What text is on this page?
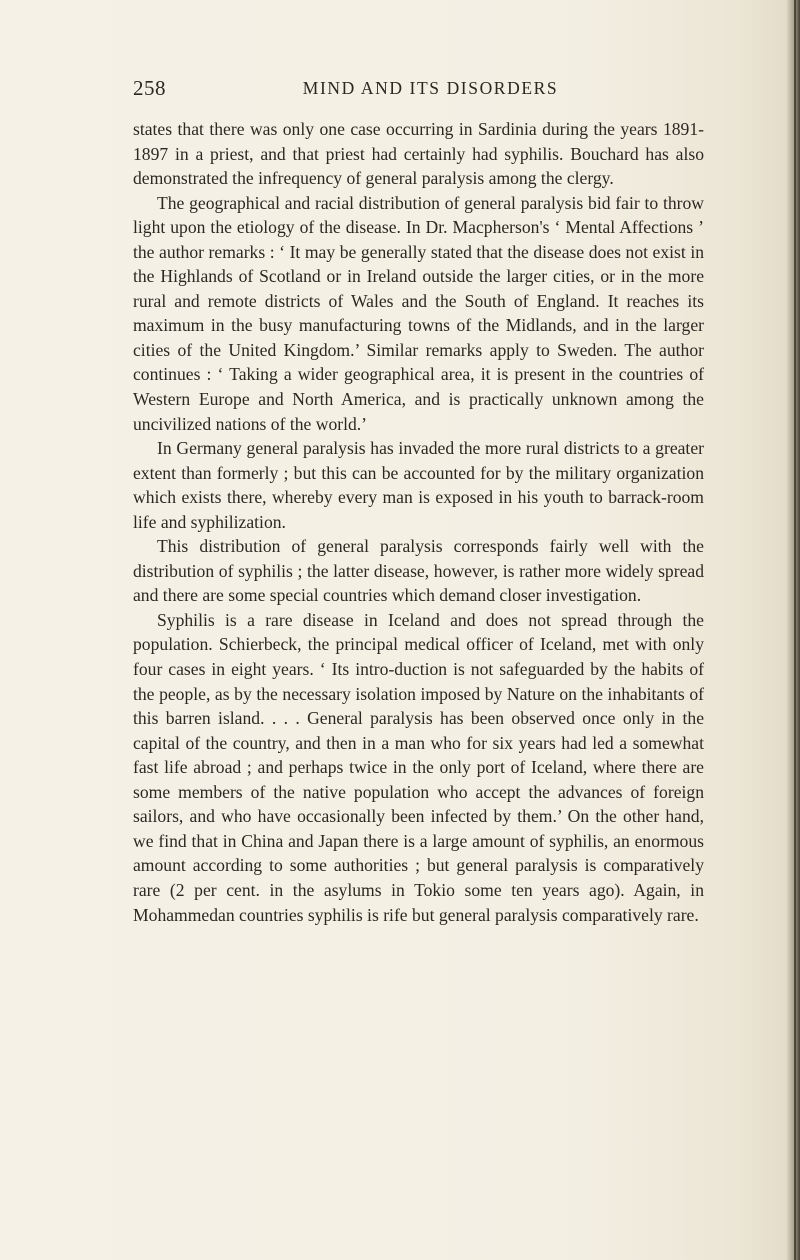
258	MIND AND ITS DISORDERS

states that there was only one case occurring in Sardinia during the years 1891-1897 in a priest, and that priest had certainly had syphilis. Bouchard has also demonstrated the infrequency of general paralysis among the clergy.

The geographical and racial distribution of general paralysis bid fair to throw light upon the etiology of the disease. In Dr. Macpherson's ‘ Mental Affections ’ the author remarks : ‘ It may be generally stated that the disease does not exist in the Highlands of Scotland or in Ireland outside the larger cities, or in the more rural and remote districts of Wales and the South of England. It reaches its maximum in the busy manufacturing towns of the Midlands, and in the larger cities of the United Kingdom.’ Similar remarks apply to Sweden. The author continues : ‘ Taking a wider geographical area, it is present in the countries of Western Europe and North America, and is practically unknown among the uncivilized nations of the world.’

In Germany general paralysis has invaded the more rural districts to a greater extent than formerly ; but this can be accounted for by the military organization which exists there, whereby every man is exposed in his youth to barrack-room life and syphilization.

This distribution of general paralysis corresponds fairly well with the distribution of syphilis ; the latter disease, however, is rather more widely spread and there are some special countries which demand closer investigation.

Syphilis is a rare disease in Iceland and does not spread through the population. Schierbeck, the principal medical officer of Iceland, met with only four cases in eight years. ‘ Its intro-duction is not safeguarded by the habits of the people, as by the necessary isolation imposed by Nature on the inhabitants of this barren island. . . . General paralysis has been observed once only in the capital of the country, and then in a man who for six years had led a somewhat fast life abroad ; and perhaps twice in the only port of Iceland, where there are some members of the native population who accept the advances of foreign sailors, and who have occasionally been infected by them.’ On the other hand, we find that in China and Japan there is a large amount of syphilis, an enormous amount according to some authorities ; but general paralysis is comparatively rare (2 per cent. in the asylums in Tokio some ten years ago). Again, in Mohammedan countries syphilis is rife but general paralysis comparatively rare.
